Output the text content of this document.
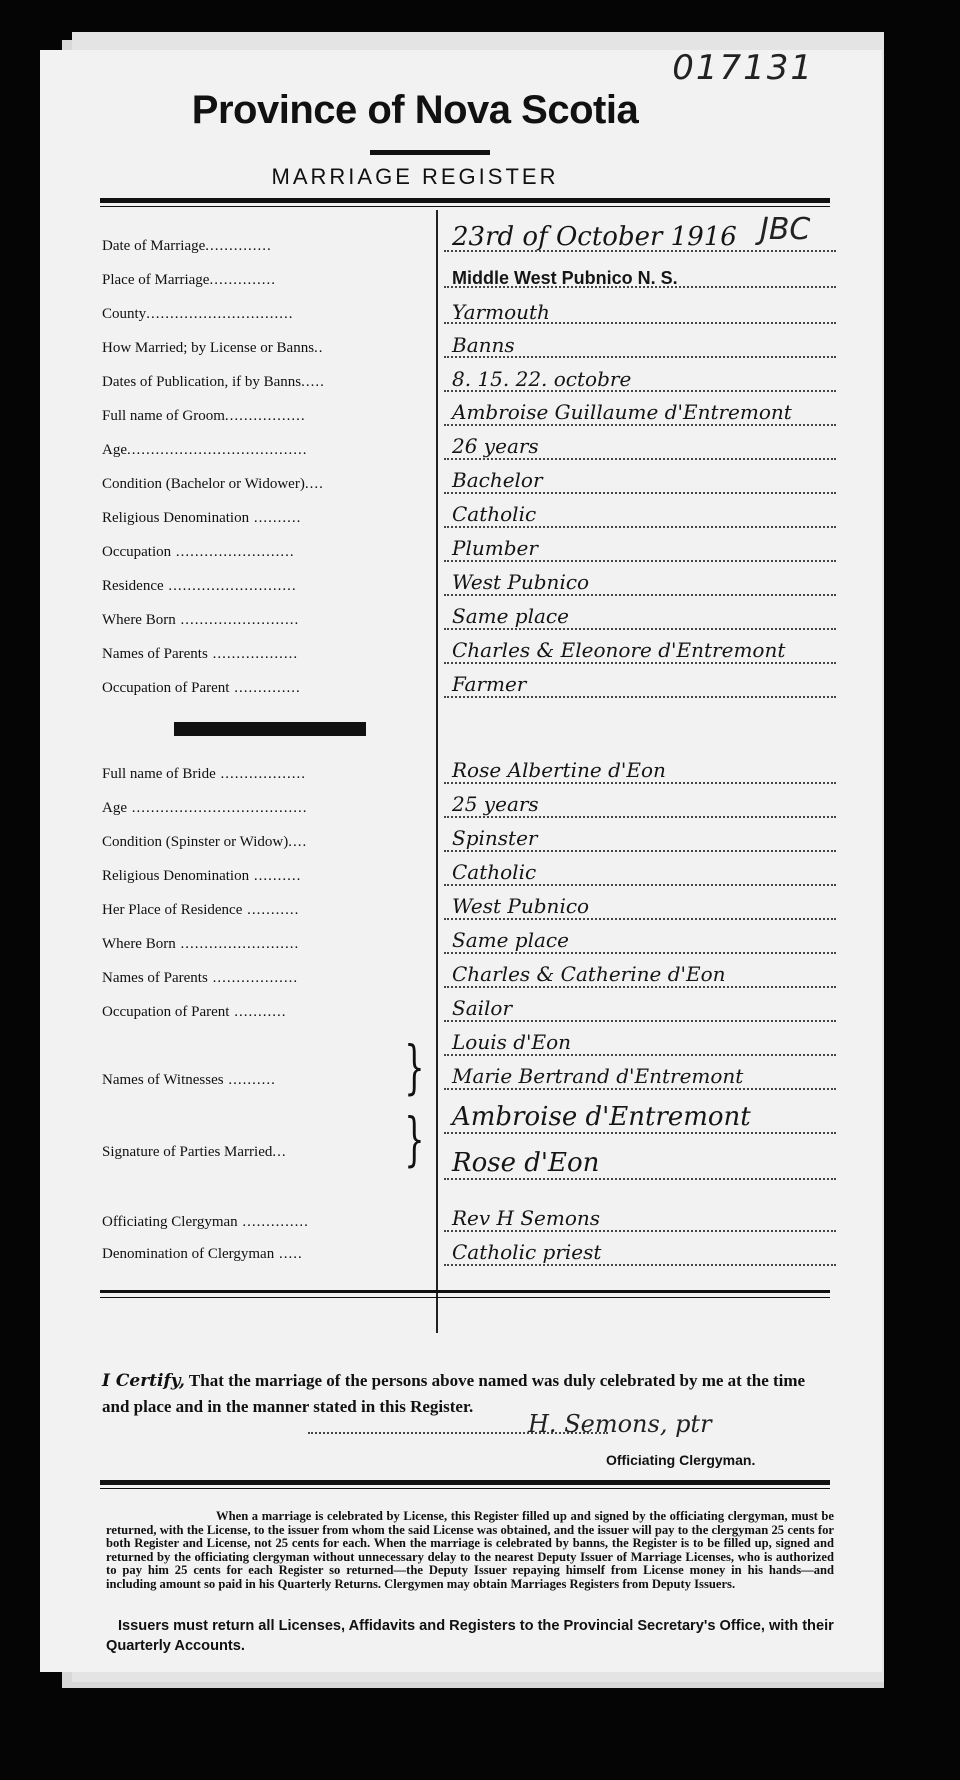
017131
Province of Nova Scotia
MARRIAGE REGISTER
JBC
Date of Marriage..............	23rd of October 1916
Place of Marriage..............	Middle West Pubnico N. S.
County...............................	Yarmouth
How Married; by License or Banns..	Banns
Dates of Publication, if by Banns.....	8. 15. 22. octobre
Full name of Groom.................	Ambroise Guillaume d'Entremont
Age......................................	26 years
Condition (Bachelor or Widower)....	Bachelor
Religious Denomination ..........	Catholic
Occupation .........................	Plumber
Residence ...........................	West Pubnico
Where Born .........................	Same place
Names of Parents ..................	Charles & Eleonore d'Entremont
Occupation of Parent ..............	Farmer
Full name of Bride ..................	Rose Albertine d'Eon
Age .....................................	25 years
Condition (Spinster or Widow)....	Spinster
Religious Denomination ..........	Catholic
Her Place of Residence ...........	West Pubnico
Where Born .........................	Same place
Names of Parents ..................	Charles & Catherine d'Eon
Occupation of Parent ...........	Sailor
Names of Witnesses .......... } Louis d'Eon
Marie Bertrand d'Entremont
Signature of Parties Married... } Ambroise d'Entremont
Rose d'Eon
Officiating Clergyman ..............	Rev H Semons
Denomination of Clergyman .....	Catholic priest
I Certify, That the marriage of the persons above named was duly celebrated by me at the time and place and in the manner stated in this Register.
H. Semons, ptr
Officiating Clergyman.
When a marriage is celebrated by License, this Register filled up and signed by the officiating clergyman, must be returned, with the License, to the issuer from whom the said License was obtained, and the issuer will pay to the clergyman 25 cents for both Register and License, not 25 cents for each. When the marriage is celebrated by banns, the Register is to be filled up, signed and returned by the officiating clergyman without unnecessary delay to the nearest Deputy Issuer of Marriage Licenses, who is authorized to pay him 25 cents for each Register so returned—the Deputy Issuer repaying himself from License money in his hands—and including amount so paid in his Quarterly Returns. Clergymen may obtain Marriages Registers from Deputy Issuers.
Issuers must return all Licenses, Affidavits and Registers to the Provincial Secretary's Office, with their Quarterly Accounts.
